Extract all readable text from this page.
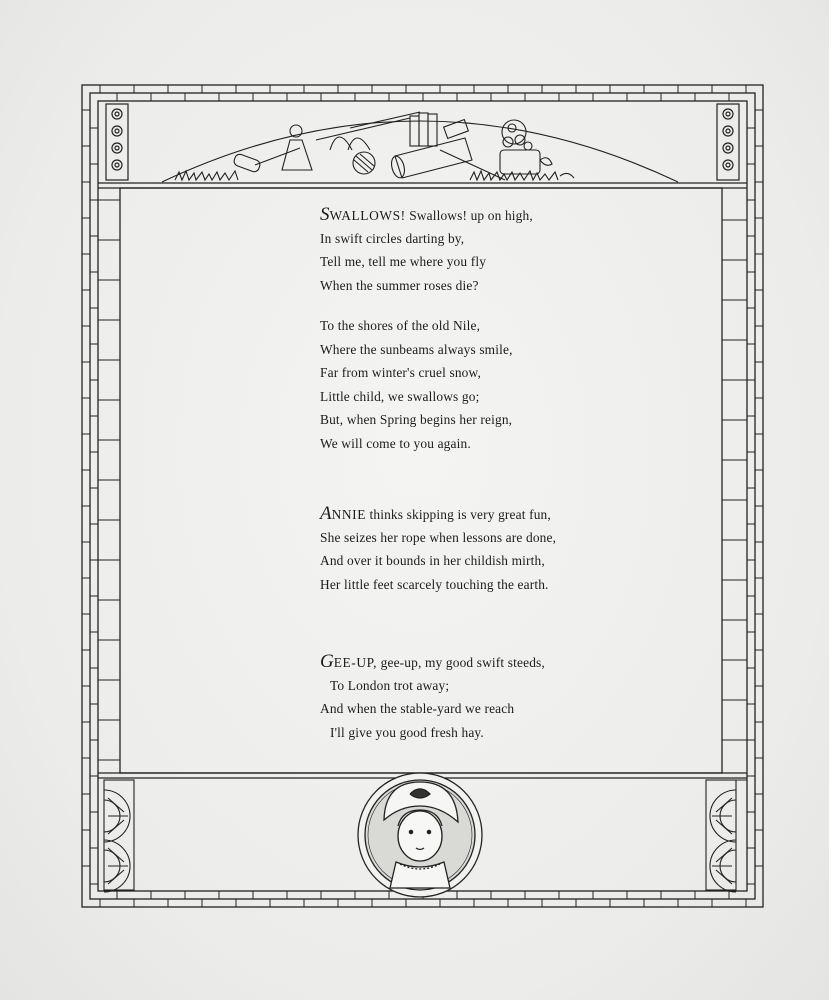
SWALLOWS! Swallows! up on high,
In swift circles darting by,
Tell me, tell me where you fly
When the summer roses die?
To the shores of the old Nile,
Where the sunbeams always smile,
Far from winter's cruel snow,
Little child, we swallows go;
But, when Spring begins her reign,
We will come to you again.
ANNIE thinks skipping is very great fun,
She seizes her rope when lessons are done,
And over it bounds in her childish mirth,
Her little feet scarcely touching the earth.
GEE-UP, gee-up, my good swift steeds,
To London trot away;
And when the stable-yard we reach
I'll give you good fresh hay.
